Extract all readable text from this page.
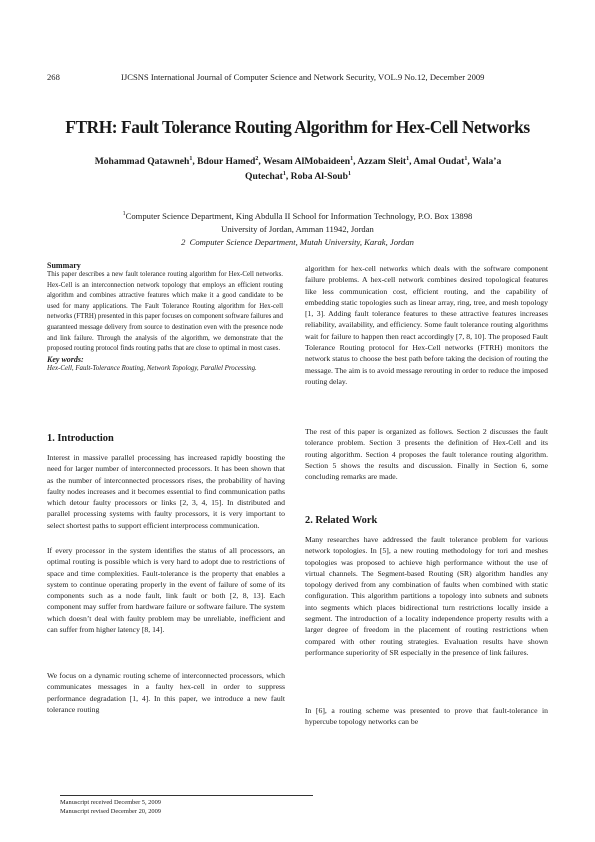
268	IJCSNS International Journal of Computer Science and Network Security, VOL.9 No.12, December 2009
FTRH: Fault Tolerance Routing Algorithm for Hex-Cell Networks
Mohammad Qatawneh$^1$, Bdour Hamed$^2$, Wesam AlMobaideen$^1$, Azzam Sleit$^1$, Amal Oudat$^1$, Wala’a
Qutechat$^1$, Roba Al-Soub$^1$
$^1$Computer Science Department, King Abdulla II School for Information Technology, P.O. Box 13898
University of Jordan, Amman 11942, Jordan
2 Computer Science Department, Mutah University, Karak, Jordan

Summary

This paper describes a new fault tolerance routing algorithm for Hex-Cell networks. Hex-Cell is an interconnection network topology that employs an efficient routing algorithm and combines attractive features which make it a good candidate to be used for many applications. The Fault Tolerance Routing algorithm for Hex-cell networks (FTRH) presented in this paper focuses on component software failures and guaranteed message delivery from source to destination even with the presence node and link failure. Through the analysis of the algorithm, we demonstrate that the proposed routing protocol finds routing paths that are close to optimal in most cases.

Key words:

Hex-Cell, Fault-Tolerance Routing, Network Topology, Parallel Processing.

1. Introduction

Interest in massive parallel processing has increased rapidly boosting the need for larger number of interconnected processors. It has been shown that as the number of interconnected processors rises, the probability of having faulty nodes increases and it becomes essential to find communication paths which detour faulty processors or links [2, 3, 4, 15]. In distributed and parallel processing systems with faulty processors, it is very important to select shortest paths to support efficient interprocess communication.

If every processor in the system identifies the status of all processors, an optimal routing is possible which is very hard to adopt due to restrictions of space and time complexities. Fault-tolerance is the property that enables a system to continue operating properly in the event of failure of some of its components such as a node fault, link fault or both [2, 8, 13]. Each component may suffer from hardware failure or software failure. The system which doesn’t deal with faulty problem may be unreliable, inefficient and can suffer from higher latency [8, 14].

We focus on a dynamic routing scheme of interconnected processors, which communicates messages in a faulty hex-cell in order to suppress performance degradation [1, 4]. In this paper, we introduce a new fault tolerance routing

algorithm for hex-cell networks which deals with the software component failure problems. A hex-cell network combines desired topological features like less communication cost, efficient routing, and the capability of embedding static topologies such as linear array, ring, tree, and mesh topology [1, 3]. Adding fault tolerance features to these attractive features increases reliability, availability, and efficiency. Some fault tolerance routing algorithms wait for failure to happen then react accordingly [7, 8, 10]. The proposed Fault Tolerance Routing protocol for Hex-Cell networks (FTRH) monitors the network status to choose the best path before taking the decision of routing the message. The aim is to avoid message rerouting in order to reduce the imposed routing delay.

The rest of this paper is organized as follows. Section 2 discusses the fault tolerance problem. Section 3 presents the definition of Hex-Cell and its routing algorithm. Section 4 proposes the fault tolerance routing algorithm. Section 5 shows the results and discussion. Finally in Section 6, some concluding remarks are made.

2. Related Work

Many researches have addressed the fault tolerance problem for various network topologies. In [5], a new routing methodology for tori and meshes topologies was proposed to achieve high performance without the use of virtual channels. The Segment-based Routing (SR) algorithm handles any topology derived from any combination of faults when combined with static configuration. This algorithm partitions a topology into subnets and subnets into segments which places bidirectional turn restrictions locally inside a segment. The introduction of a locality independence property results with a larger degree of freedom in the placement of routing restrictions when compared with other routing strategies. Evaluation results have shown performance superiority of SR especially in the presence of link failures.

In [6], a routing scheme was presented to prove that fault-tolerance in hypercube topology networks can be

Manuscript received December 5, 2009
Manuscript revised December 20, 2009
